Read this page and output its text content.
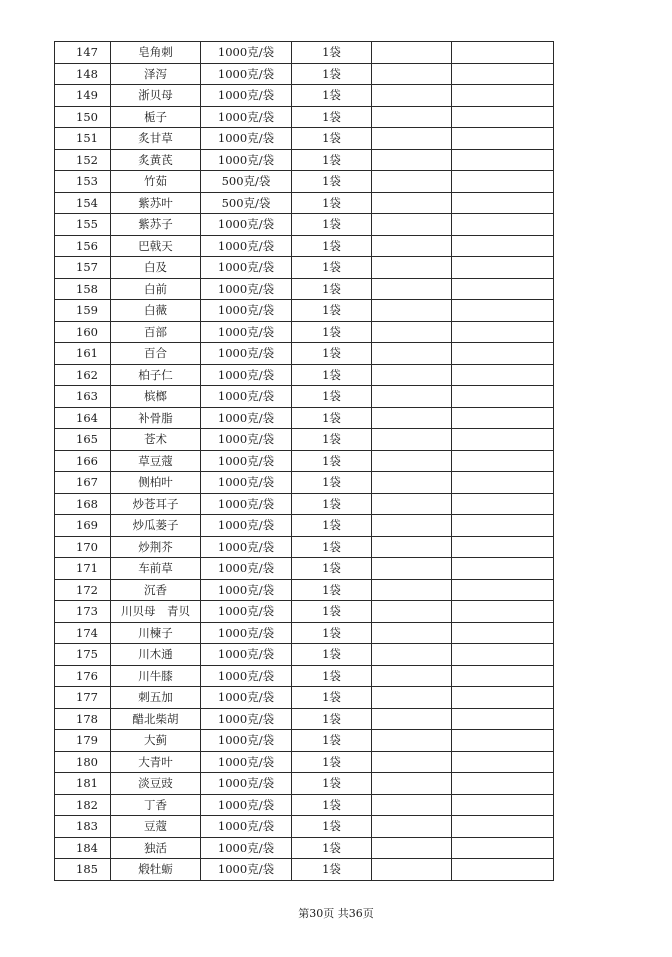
147	皂角刺	1000克/袋	1袋		
148	泽泻	1000克/袋	1袋		
149	浙贝母	1000克/袋	1袋		
150	栀子	1000克/袋	1袋		
151	炙甘草	1000克/袋	1袋		
152	炙黄芪	1000克/袋	1袋		
153	竹茹	500克/袋	1袋		
154	紫苏叶	500克/袋	1袋		
155	紫苏子	1000克/袋	1袋		
156	巴戟天	1000克/袋	1袋		
157	白及	1000克/袋	1袋		
158	白前	1000克/袋	1袋		
159	白薇	1000克/袋	1袋		
160	百部	1000克/袋	1袋		
161	百合	1000克/袋	1袋		
162	柏子仁	1000克/袋	1袋		
163	槟榔	1000克/袋	1袋		
164	补骨脂	1000克/袋	1袋		
165	苍术	1000克/袋	1袋		
166	草豆蔻	1000克/袋	1袋		
167	侧柏叶	1000克/袋	1袋		
168	炒苍耳子	1000克/袋	1袋		
169	炒瓜蒌子	1000克/袋	1袋		
170	炒荆芥	1000克/袋	1袋		
171	车前草	1000克/袋	1袋		
172	沉香	1000克/袋	1袋		
173	川贝母　青贝	1000克/袋	1袋		
174	川楝子	1000克/袋	1袋		
175	川木通	1000克/袋	1袋		
176	川牛膝	1000克/袋	1袋		
177	刺五加	1000克/袋	1袋		
178	醋北柴胡	1000克/袋	1袋		
179	大蓟	1000克/袋	1袋		
180	大青叶	1000克/袋	1袋		
181	淡豆豉	1000克/袋	1袋		
182	丁香	1000克/袋	1袋		
183	豆蔻	1000克/袋	1袋		
184	独活	1000克/袋	1袋		
185	煅牡蛎	1000克/袋	1袋		
第30页 共36页
